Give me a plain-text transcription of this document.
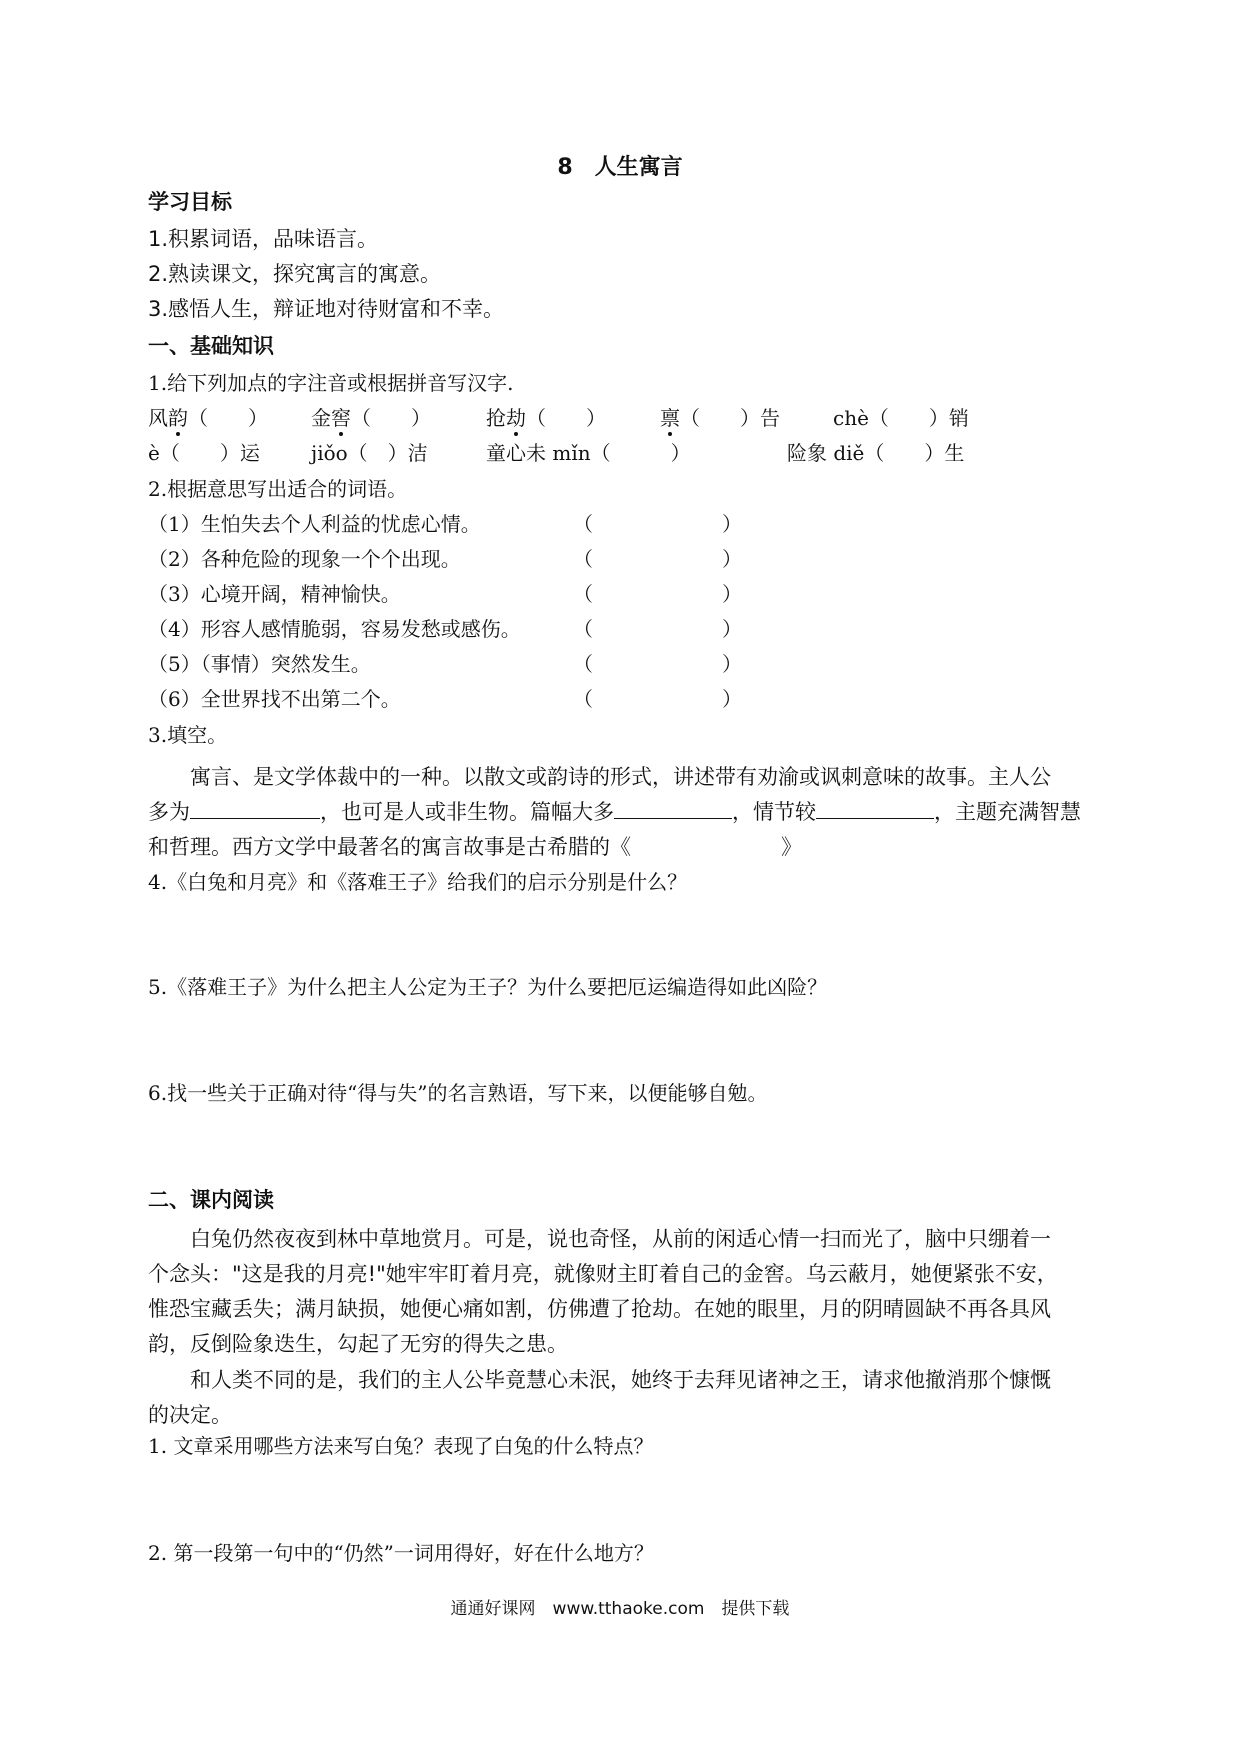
8　人生寓言
学习目标
1.积累词语，品味语言。
2.熟读课文，探究寓言的寓意。
3.感悟人生，辩证地对待财富和不幸。
一、基础知识
1.给下列加点的字注音或根据拼音写汉字.
风韵（　　） 金窖（　　）	抢劫（　　）	禀（　　）告	chè（　　）销
è（　　）运	jiǒo（　）洁	童心未 mǐn（　　　）	险象 diě（　　）生
2.根据意思写出适合的词语。
（1）生怕失去个人利益的忧虑心情。	（	）
（2）各种危险的现象一个个出现。	（	）
（3）心境开阔，精神愉快。	（	）
（4）形容人感情脆弱，容易发愁或感伤。	（	）
（5）（事情）突然发生。	（	）
（6）全世界找不出第二个。	（	）
3.填空。
寓言、是文学体裁中的一种。以散文或韵诗的形式，讲述带有劝渝或讽刺意味的故事。主人公
多为	，也可是人或非生物。篇幅大多	，情节较	，主题充满智慧
和哲理。西方文学中最著名的寓言故事是古希腊的《	》
4.《白兔和月亮》和《落难王子》给我们的启示分别是什么？
5.《落难王子》为什么把主人公定为王子？为什么要把厄运编造得如此凶险？
6.找一些关于正确对待“得与失”的名言熟语，写下来，以便能够自勉。
二、课内阅读
白兔仍然夜夜到林中草地赏月。可是，说也奇怪，从前的闲适心情一扫而光了，脑中只绷着一
个念头："这是我的月亮!"她牢牢盯着月亮，就像财主盯着自己的金窖。乌云蔽月，她便紧张不安，
惟恐宝藏丢失；满月缺损，她便心痛如割，仿佛遭了抢劫。在她的眼里，月的阴晴圆缺不再各具风
韵，反倒险象迭生，勾起了无穷的得失之患。
和人类不同的是，我们的主人公毕竟慧心未泯，她终于去拜见诸神之王，请求他撤消那个慷慨
的决定。
1. 文章采用哪些方法来写白兔？表现了白兔的什么特点？
2. 第一段第一句中的“仍然”一词用得好，好在什么地方？
通通好课网　www.tthaoke.com　提供下载
